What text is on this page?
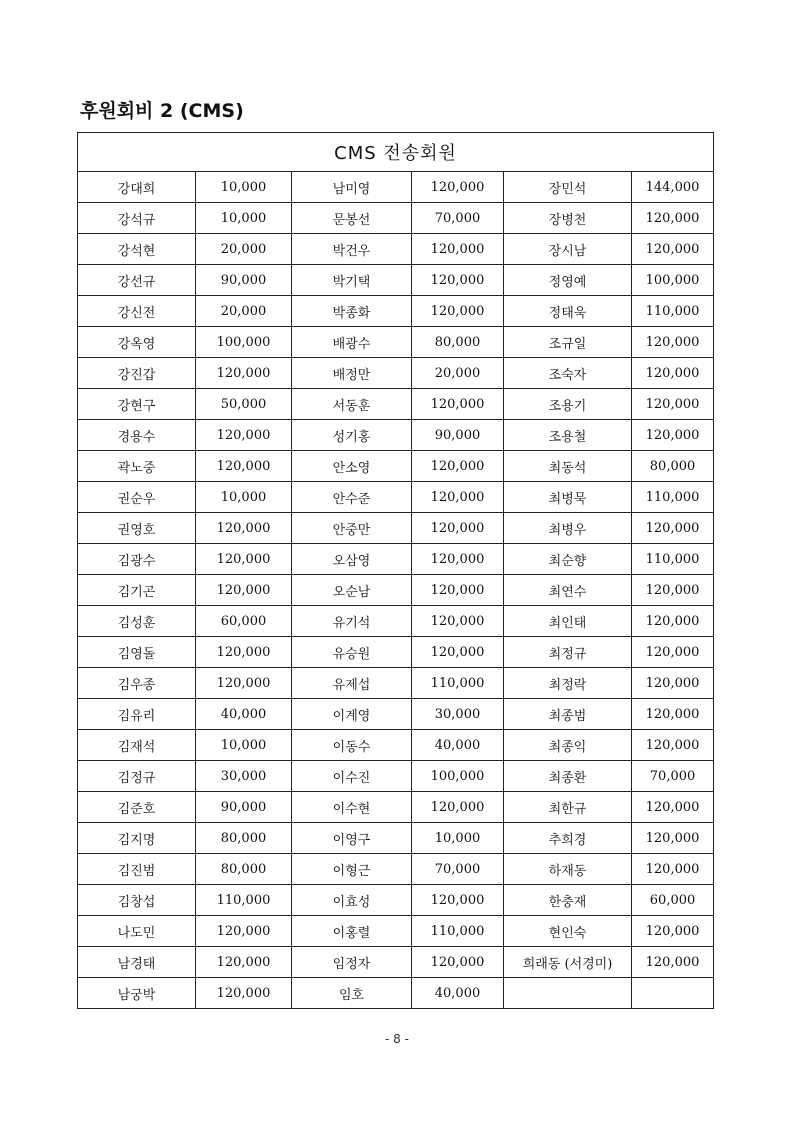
후원회비 2 (CMS)
CMS 전송회원					
강대희	10,000	남미영	120,000	장민석	144,000
강석규	10,000	문봉선	70,000	장병천	120,000
강석현	20,000	박건우	120,000	장시남	120,000
강선규	90,000	박기택	120,000	정영예	100,000
강신전	20,000	박종화	120,000	정태욱	110,000
강옥영	100,000	배광수	80,000	조규일	120,000
강진갑	120,000	배정만	20,000	조숙자	120,000
강현구	50,000	서동훈	120,000	조용기	120,000
경용수	120,000	성기홍	90,000	조용철	120,000
곽노중	120,000	안소영	120,000	최동석	80,000
권순우	10,000	안수준	120,000	최병묵	110,000
권영호	120,000	안중만	120,000	최병우	120,000
김광수	120,000	오삼영	120,000	최순향	110,000
김기곤	120,000	오순남	120,000	최연수	120,000
김성훈	60,000	유기석	120,000	최인태	120,000
김영돌	120,000	유승원	120,000	최정규	120,000
김우종	120,000	유제섭	110,000	최정락	120,000
김유리	40,000	이계영	30,000	최종범	120,000
김재석	10,000	이동수	40,000	최종익	120,000
김정규	30,000	이수진	100,000	최종환	70,000
김준호	90,000	이수현	120,000	최한규	120,000
김지명	80,000	이영구	10,000	추희경	120,000
김진범	80,000	이형근	70,000	하재동	120,000
김창섭	110,000	이효성	120,000	한충재	60,000
나도민	120,000	이홍렬	110,000	현인숙	120,000
남경태	120,000	임정자	120,000	희래동 (서경미)	120,000
남궁박	120,000	임호	40,000		
- 8 -
